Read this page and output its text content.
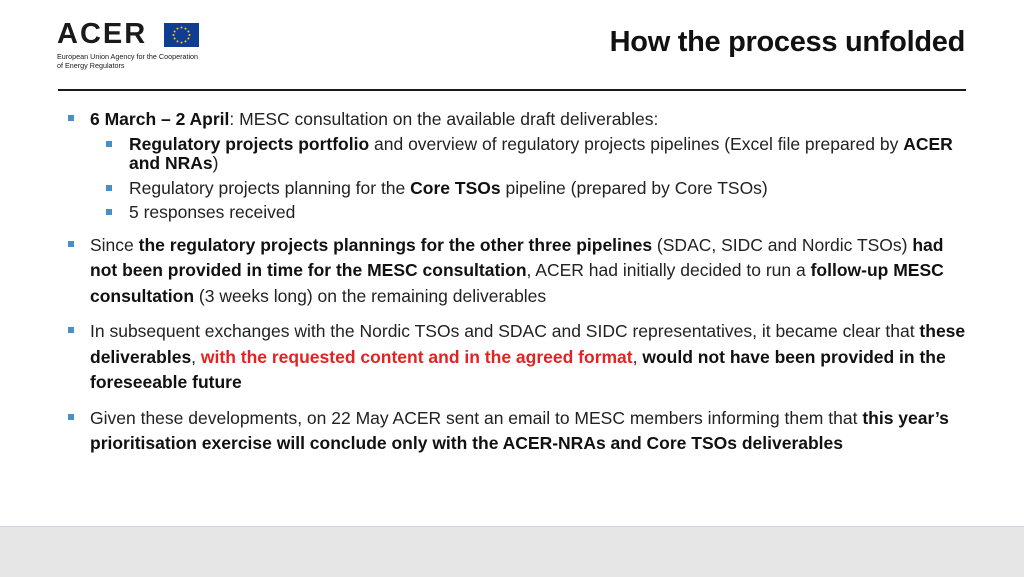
ACER
European Union Agency for the Cooperation
of Energy Regulators
How the process unfolded
6 March – 2 April: MESC consultation on the available draft deliverables:
Regulatory projects portfolio and overview of regulatory projects pipelines (Excel file prepared by ACER and NRAs)
Regulatory projects planning for the Core TSOs pipeline (prepared by Core TSOs)
5 responses received
Since the regulatory projects plannings for the other three pipelines (SDAC, SIDC and Nordic TSOs) had not been provided in time for the MESC consultation, ACER had initially decided to run a follow-up MESC consultation (3 weeks long) on the remaining deliverables
In subsequent exchanges with the Nordic TSOs and SDAC and SIDC representatives, it became clear that these deliverables, with the requested content and in the agreed format, would not have been provided in the foreseeable future
Given these developments, on 22 May ACER sent an email to MESC members informing them that this year’s prioritisation exercise will conclude only with the ACER-NRAs and Core TSOs deliverables
